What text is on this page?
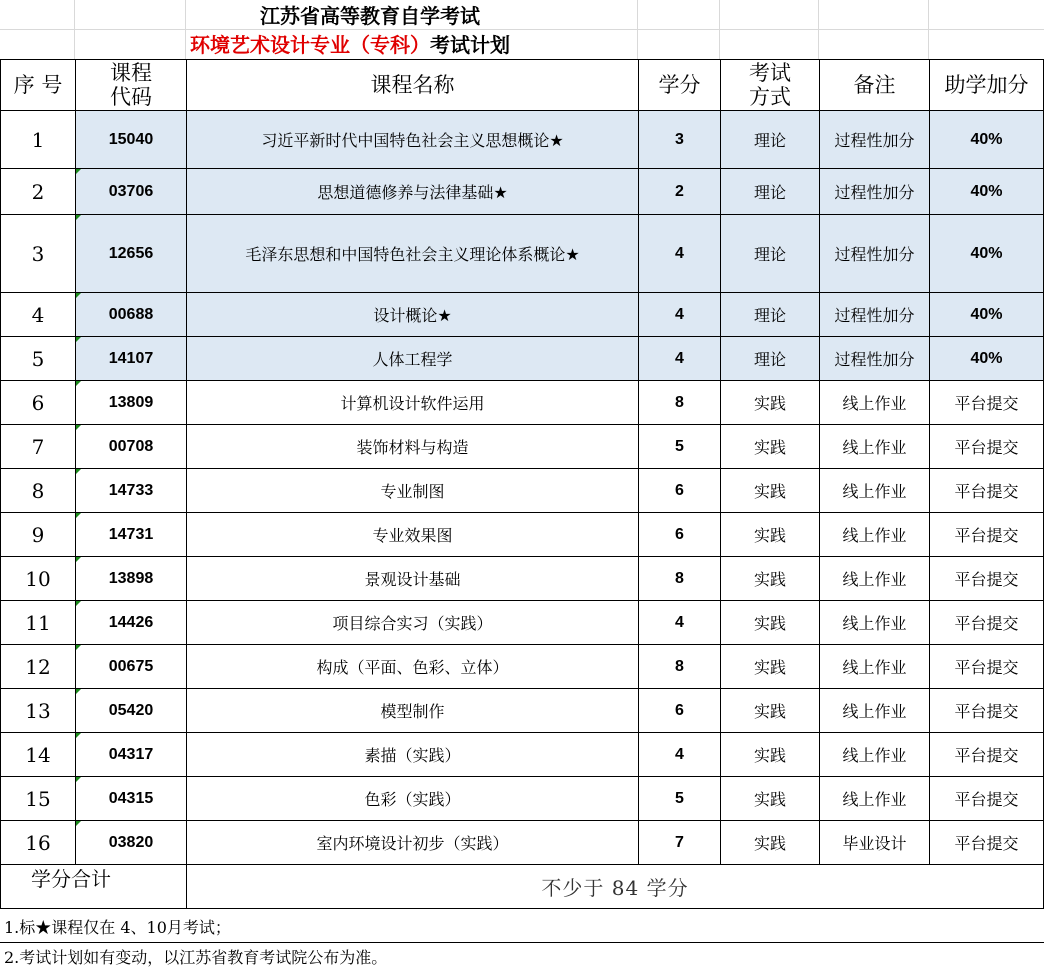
江苏省高等教育自学考试
环境艺术设计专业（专科）考试计划
序 号	课程代码	课程名称	学分	考试方式	备注	助学加分
1	15040	习近平新时代中国特色社会主义思想概论★	3	理论	过程性加分	40%
2	03706	思想道德修养与法律基础★	2	理论	过程性加分	40%
3	12656	毛泽东思想和中国特色社会主义理论体系概论★	4	理论	过程性加分	40%
4	00688	设计概论★	4	理论	过程性加分	40%
5	14107	人体工程学	4	理论	过程性加分	40%
6	13809	计算机设计软件运用	8	实践	线上作业	平台提交
7	00708	装饰材料与构造	5	实践	线上作业	平台提交
8	14733	专业制图	6	实践	线上作业	平台提交
9	14731	专业效果图	6	实践	线上作业	平台提交
10	13898	景观设计基础	8	实践	线上作业	平台提交
11	14426	项目综合实习（实践）	4	实践	线上作业	平台提交
12	00675	构成（平面、色彩、立体）	8	实践	线上作业	平台提交
13	05420	模型制作	6	实践	线上作业	平台提交
14	04317	素描（实践）	4	实践	线上作业	平台提交
15	04315	色彩（实践）	5	实践	线上作业	平台提交
16	03820	室内环境设计初步（实践）	7	实践	毕业设计	平台提交
学分合计		不少于 84 学分				
1.标★课程仅在 4、10月考试；
2.考试计划如有变动，以江苏省教育考试院公布为准。
